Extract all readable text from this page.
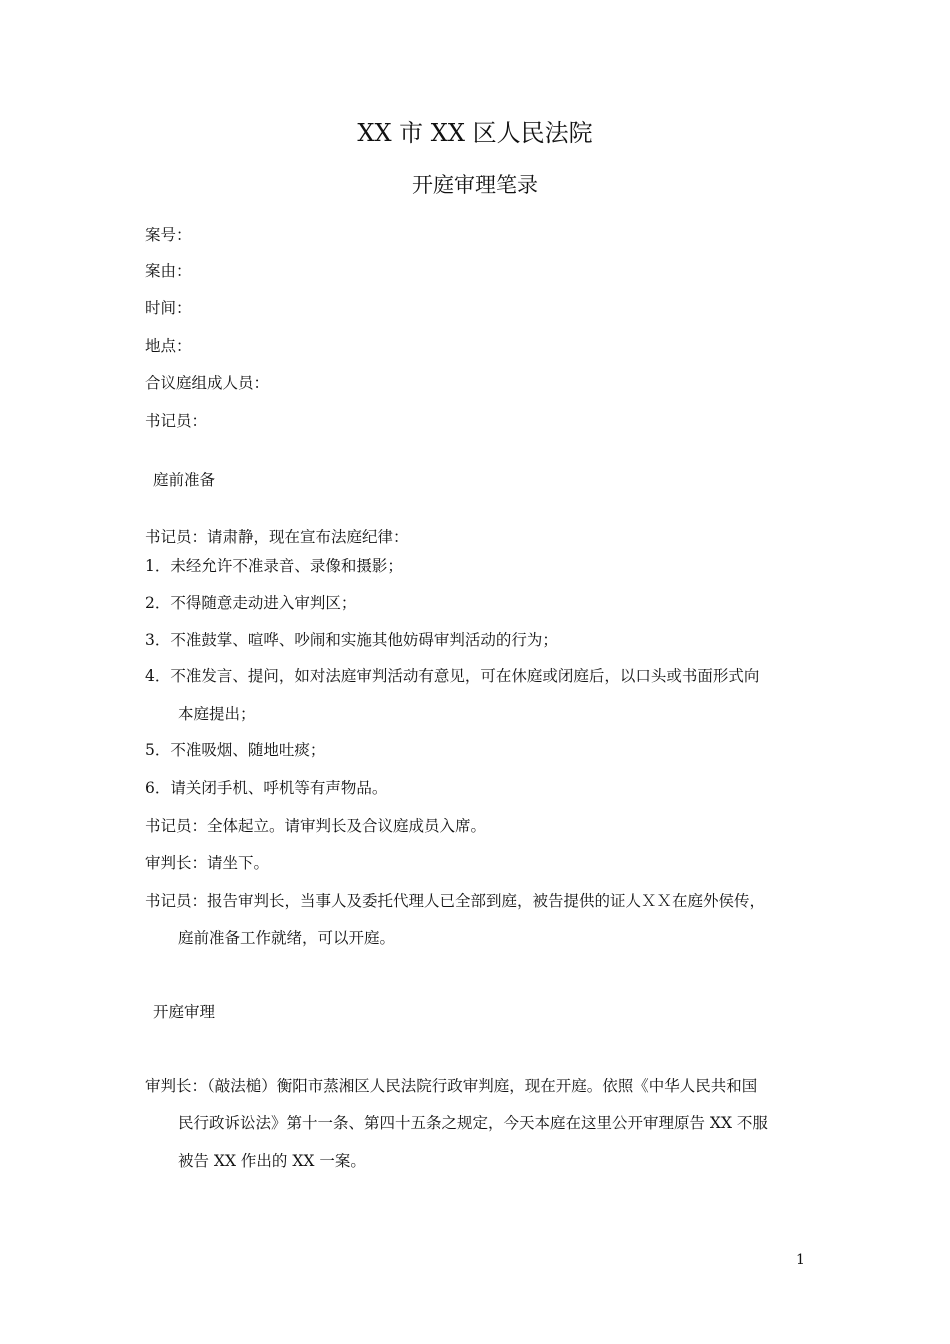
XX 市 XX 区人民法院
开庭审理笔录
案号：
案由：
时间：
地点：
合议庭组成人员：
书记员：
庭前准备
书记员：请肃静，现在宣布法庭纪律：
1．未经允许不准录音、录像和摄影；
2．不得随意走动进入审判区；
3．不准鼓掌、喧哗、吵闹和实施其他妨碍审判活动的行为；
4．不准发言、提问，如对法庭审判活动有意见，可在休庭或闭庭后，以口头或书面形式向
本庭提出；
5．不准吸烟、随地吐痰；
6．请关闭手机、呼机等有声物品。
书记员：全体起立。请审判长及合议庭成员入席。
审判长：请坐下。
书记员：报告审判长，当事人及委托代理人已全部到庭，被告提供的证人ＸＸ在庭外侯传，
庭前准备工作就绪，可以开庭。
开庭审理
审判长：（敲法槌）衡阳市蒸湘区人民法院行政审判庭，现在开庭。依照《中华人民共和国
民行政诉讼法》第十一条、第四十五条之规定，今天本庭在这里公开审理原告 XX 不服
被告 XX 作出的 XX 一案。
1
